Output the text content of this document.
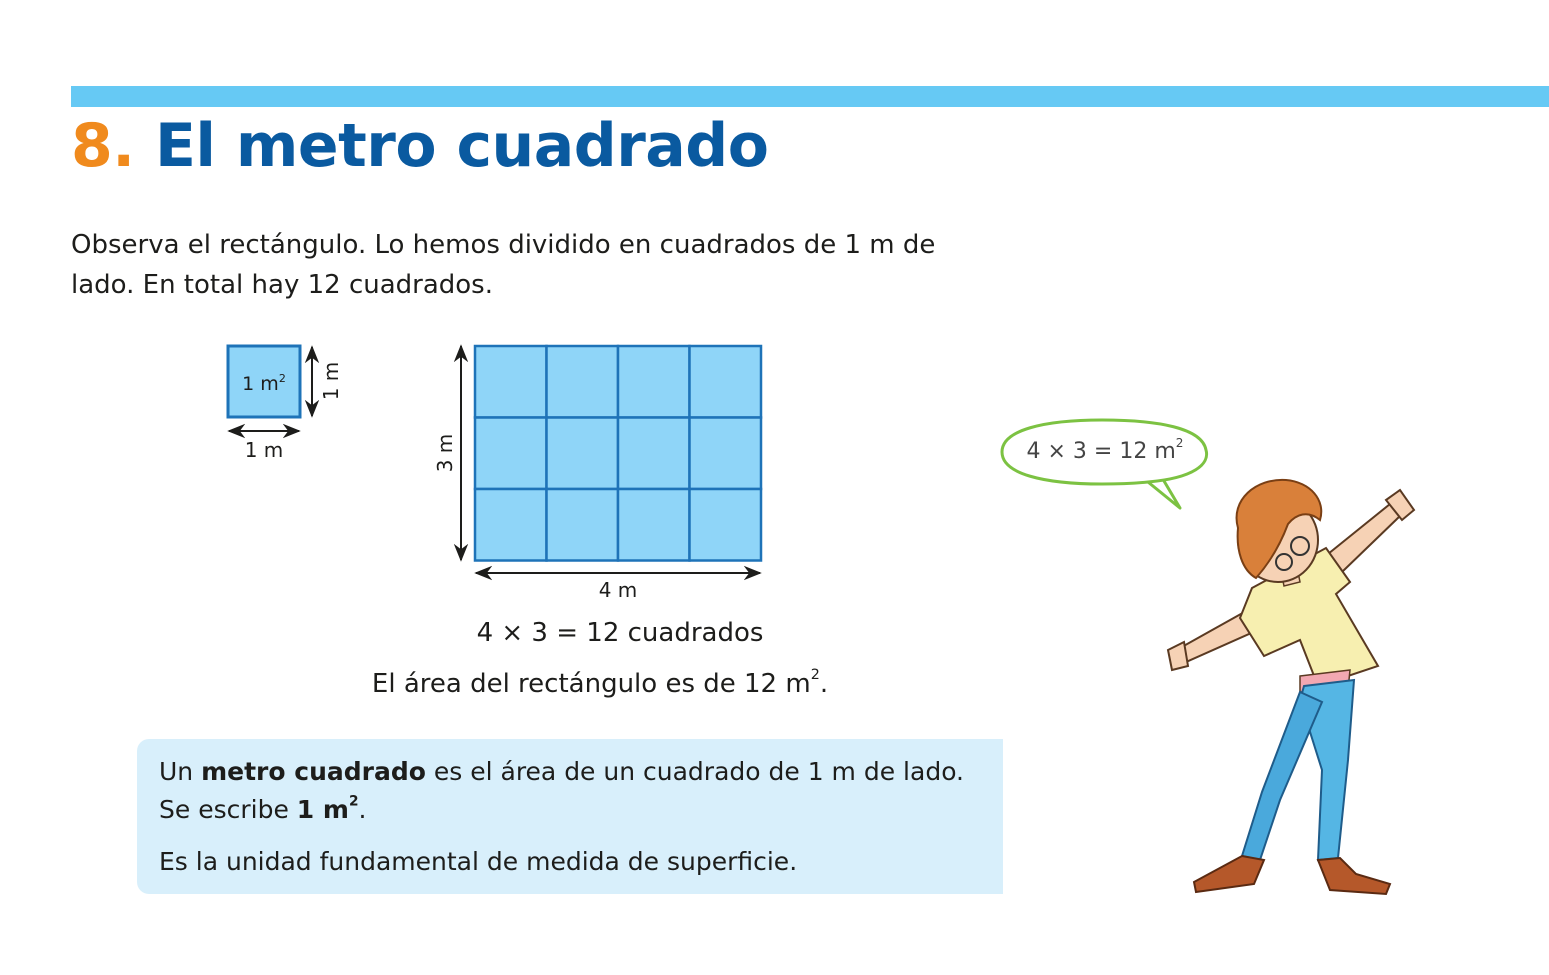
8. El metro cuadrado

Observa el rectángulo. Lo hemos dividido en cuadrados de 1 m de
lado. En total hay 12 cuadrados.

1 $m^2$ 1 m
1 m	3 m
4 m
4 × 3 = 12 cuadrados
El área del rectángulo es de 12 $m^2$.

Un metro cuadrado es el área de un cuadrado de 1 m de lado.

Se escribe 1 $m^2$.

Es la unidad fundamental de medida de superficie.

4 × 3 = 12 $m^2$
